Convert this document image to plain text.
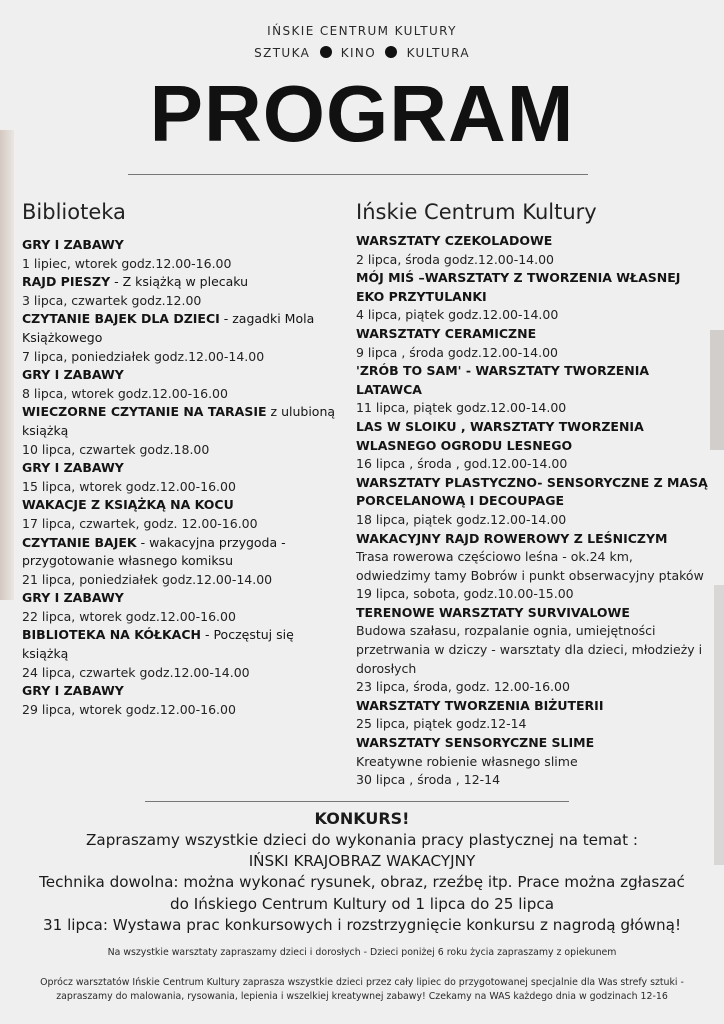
IŃSKIE CENTRUM KULTURY
SZTUKA	KINO	KULTURA
PROGRAM
Biblioteka	Ińskie Centrum Kultury
GRY I ZABAWY
1 lipiec, wtorek godz.12.00-16.00
RAJD PIESZY - Z książką w plecaku
3 lipca, czwartek godz.12.00
CZYTANIE BAJEK DLA DZIECI - zagadki Mola Książkowego
7 lipca, poniedziałek godz.12.00-14.00
GRY I ZABAWY
8 lipca, wtorek godz.12.00-16.00
WIECZORNE CZYTANIE NA TARASIE z ulubioną książką
10 lipca, czwartek godz.18.00
GRY I ZABAWY
15 lipca, wtorek godz.12.00-16.00
WAKACJE Z KSIĄŻKĄ NA KOCU
17 lipca, czwartek, godz. 12.00-16.00
CZYTANIE BAJEK - wakacyjna przygoda - przygotowanie własnego komiksu
21 lipca, poniedziałek godz.12.00-14.00
GRY I ZABAWY
22 lipca, wtorek godz.12.00-16.00
BIBLIOTEKA NA KÓŁKACH - Poczęstuj się książką
24 lipca, czwartek godz.12.00-14.00
GRY I ZABAWY
29 lipca, wtorek godz.12.00-16.00
WARSZTATY CZEKOLADOWE
2 lipca, środa godz.12.00-14.00
MÓJ MIŚ –WARSZTATY Z TWORZENIA WŁASNEJ EKO PRZYTULANKI
4 lipca, piątek godz.12.00-14.00
WARSZTATY CERAMICZNE
9 lipca , środa godz.12.00-14.00
'ZRÓB TO SAM' - WARSZTATY TWORZENIA LATAWCA
11 lipca, piątek godz.12.00-14.00
LAS W SLOIKU , WARSZTATY TWORZENIA WLASNEGO OGRODU LESNEGO
16 lipca , środa , god.12.00-14.00
WARSZTATY PLASTYCZNO- SENSORYCZNE Z MASĄ PORCELANOWĄ I DECOUPAGE
18 lipca, piątek godz.12.00-14.00
WAKACYJNY RAJD ROWEROWY Z LEŚNICZYM
Trasa rowerowa częściowo leśna - ok.24 km, odwiedzimy tamy Bobrów i punkt obserwacyjny ptaków
19 lipca, sobota, godz.10.00-15.00
TERENOWE WARSZTATY SURVIVALOWE
Budowa szałasu, rozpalanie ognia, umiejętności przetrwania w dziczy - warsztaty dla dzieci, młodzieży i dorosłych
23 lipca, środa, godz. 12.00-16.00
WARSZTATY TWORZENIA BIŻUTERII
25 lipca, piątek godz.12-14
WARSZTATY SENSORYCZNE SLIME
Kreatywne robienie własnego slime
30 lipca , środa , 12-14
KONKURS!
Zapraszamy wszystkie dzieci do wykonania pracy plastycznej na temat :
IŃSKI KRAJOBRAZ WAKACYJNY
Technika dowolna: można wykonać rysunek, obraz, rzeźbę itp. Prace można zgłaszać
do Ińskiego Centrum Kultury od 1 lipca do 25 lipca
31 lipca: Wystawa prac konkursowych i rozstrzygnięcie konkursu z nagrodą główną!
Na wszystkie warsztaty zapraszamy dzieci i dorosłych - Dzieci poniżej 6 roku życia zapraszamy z opiekunem
Oprócz warsztatów Ińskie Centrum Kultury zaprasza wszystkie dzieci przez cały lipiec do przygotowanej specjalnie dla Was strefy sztuki - zapraszamy do malowania, rysowania, lepienia i wszelkiej kreatywnej zabawy! Czekamy na WAS każdego dnia w godzinach 12-16
